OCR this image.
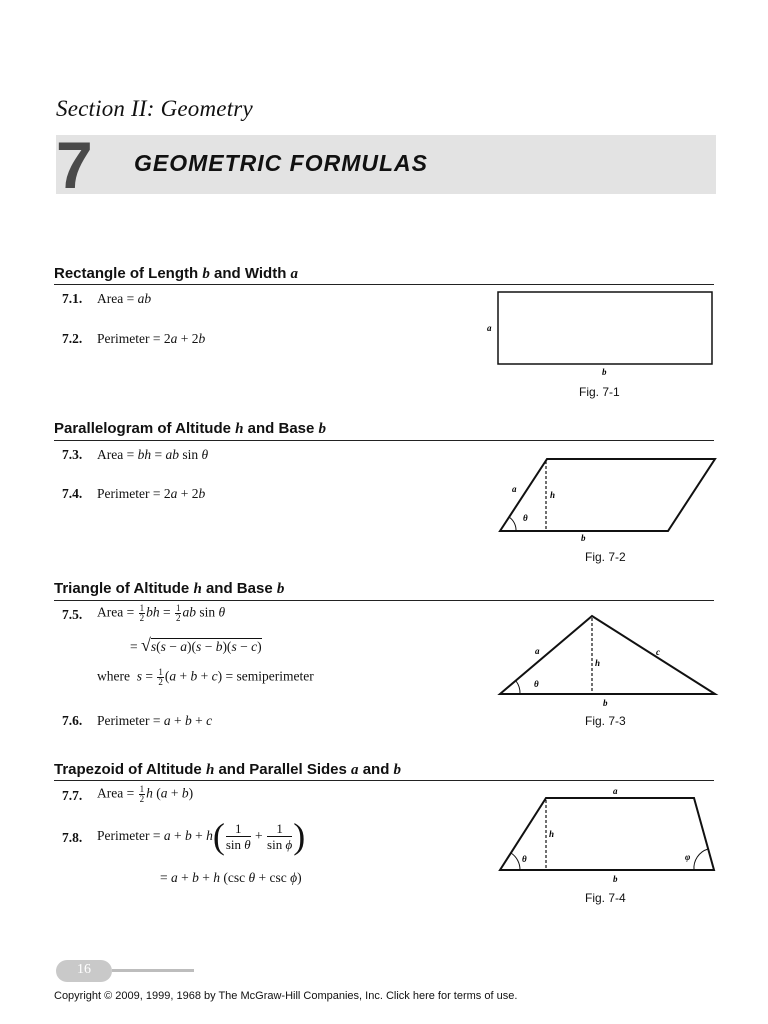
Section II: Geometry
7 GEOMETRIC FORMULAS
Rectangle of Length b and Width a
7.1. Area = ab
7.2. Perimeter = 2a + 2b
a
b
Fig. 7-1
Parallelogram of Altitude h and Base b
7.3. Area = bh = ab sin θ
7.4. Perimeter = 2a + 2b	a
h
θ
b
Fig. 7-2
Triangle of Altitude h and Base b
7.5. Area = $\frac{1}{2}$ bh = $\frac{1}{2}$ ab sin θ
= √s(s − a)(s − b)(s − c)
where  $s = \frac{1}{2} (a + b + c)$ = semiperimeter
7.6. Perimeter = a + b + c
a
h
c
θ
b
Fig. 7-3
Trapezoid of Altitude h and Parallel Sides a and b
7.7. Area = $\frac{1}{2}$ h (a + b)
7.8. Perimeter = $a + b + h( \frac{1}{\text{sin θ}} + \frac{1}{\text{sin ϕ}}$ )
= a + b + h (csc θ + csc ϕ)
a
h
θ	φ
b
Fig. 7-4
16
Copyright © 2009, 1999, 1968 by The McGraw-Hill Companies, Inc. Click here for terms of use.
